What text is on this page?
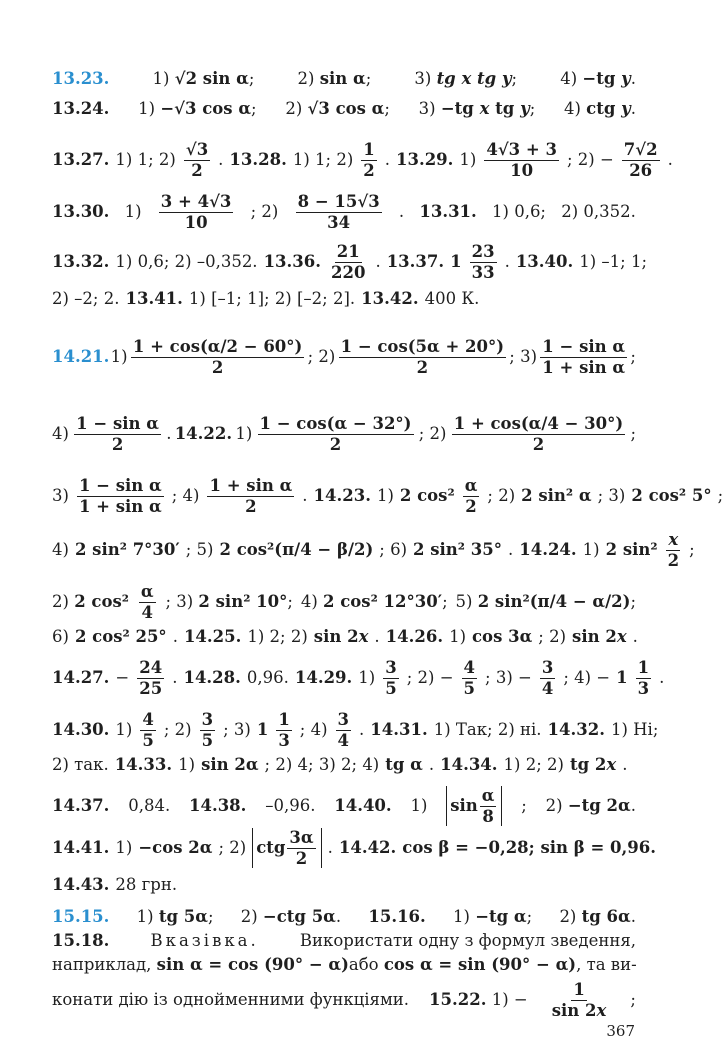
13.23.	1) √2 sin α;	2) sin α;	3) tg x tg y;	4) −tg y.
13.24. 1) −√3 cos α; 2) √3 cos α; 3) −tg x tg y; 4) ctg y.
13.27. 1) 1; $2) \frac{√3}{2}$ . 13.28. 1) 1; $2) \frac{1}{2}$ . 13.29. $1) \frac{4√3 + 3}{10}$ ; $2) - \frac{7√2}{26}$ .
13.30. $1) \frac{3 + 4√3}{10}$ ; $2) \frac{8 - 15√3}{34}$ . 13.31. 1) 0,6; 2) 0,352.
13.32. 1) 0,6; 2) –0,352. 13.36. $\frac{21}{220}$ . 13.37. $1 \frac{23}{33}$ . 13.40. 1) –1; 1;
2) –2; 2. 13.41. 1) [–1; 1]; 2) [–2; 2]. 13.42. 400 К.
14.21. $1) \frac{1 + \cos(\alpha/2 - 60^\circ)}{2}$ ; $2) \frac{1 - \cos(5\alpha + 20^\circ)}{2}$ ; $3) \frac{\text{1 − sin α}}{\text{1 + sin α}}$ ;
$4) \frac{\text{1 − sin α}}{2}$ . 14.22. $1) \frac{1 - \cos(\alpha - 32^\circ)}{2}$ ; $2) \frac{1 + \cos(\alpha/4 - 30^\circ)}{2}$ ;
$3) \frac{\text{1 − sin α}}{\text{1 + sin α}}$ ; $4) \frac{\text{1 + sin α}}{2}$ . 14.23. 1) 2 $\cos^2 \frac{\alpha}{2}$ ; 2) 2 sin² α ; 3) 2 cos² 5° ;
4) 2 sin² 7°30′ ; 5) 2 cos²(π/4 − β/2) ; 6) 2 sin² 35° . 14.24. 1) 2 $\sin^2 \frac{x}{2}$ ;
2) 2 $\cos^2 \frac{\alpha}{4}$ ; 3) 2 sin² 10°; 4) 2 cos² 12°30′; 5) 2 sin²(π/4 − α/2);
6) 2 cos² 25° . 14.25. 1) 2; 2) sin 2x . 14.26. 1) cos 3α ; 2) sin 2x .
14.27. − $\frac{24}{25}$ . 14.28. 0,96. 14.29. $1) \frac{3}{5}$ ; $2) - \frac{4}{5}$ ; $3) - \frac{3}{4}$ ; $4) - 1 \frac{1}{3}$ .
14.30. $1) \frac{4}{5}$ ; $2) \frac{3}{5}$ ; 3) $1 \frac{1}{3}$ ; $4) \frac{3}{4}$ . 14.31. 1) Так; 2) ні. 14.32. 1) Ні;
2) так. 14.33. 1) sin 2α ; 2) 4; 3) 2; 4) tg α . 14.34. 1) 2; 2) tg 2x .
14.37. 0,84. 14.38. –0,96. 14.40. 1) $\sin \frac{\alpha}{8}$ ; 2) −tg 2α.
14.41. 1) −cos 2α ; 2) ctg $\frac{3\alpha}{2}$ . 14.42. cos β = −0,28; sin β = 0,96.
14.43. 28 грн.
15.15. 1) tg 5α; 2) −ctg 5α. 15.16. 1) −tg α; 2) tg 6α.
15.18. Вказівка. Використати одну з формул зведення,
наприклад, sin α = cos (90° − α) або cos α = sin (90° − α), та ви-
конати дію із однойменними функціями. 15.22. $1) - \frac{1}{\sin 2x}$ ;
367
